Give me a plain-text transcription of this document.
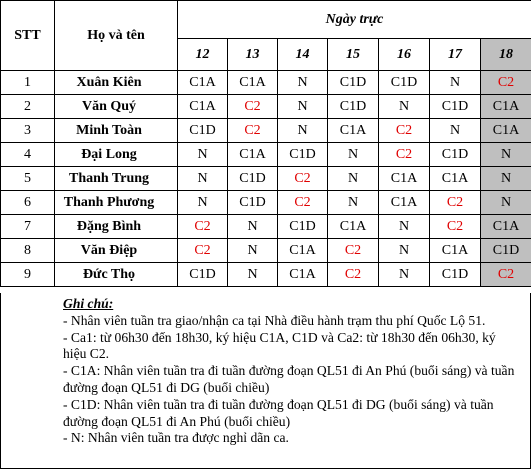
STT	Họ và tên	Ngày trực						
		12	13	14	15	16	17	18
1	Xuân Kiên	C1A	C1A	N	C1D	C1D	N	C2
2	Văn Quý	C1A	C2	N	C1D	N	C1D	C1A
3	Minh Toàn	C1D	C2	N	C1A	C2	N	C1A
4	Đại Long	N	C1A	C1D	N	C2	C1D	N
5	Thanh Trung	N	C1D	C2	N	C1A	C1A	N
6	Thanh Phương	N	C1D	C2	N	C1A	C2	N
7	Đặng Bình	C2	N	C1D	C1A	N	C2	C1A
8	Văn Điệp	C2	N	C1A	C2	N	C1A	C1D
9	Đức Thọ	C1D	N	C1A	C2	N	C1D	C2

Ghi chú:

- Nhân viên tuần tra giao/nhận ca tại Nhà điều hành trạm thu phí Quốc Lộ 51.

- Ca1: từ 06h30 đến 18h30, ký hiệu C1A, C1D và Ca2: từ 18h30 đến 06h30, ký hiệu C2.

- C1A: Nhân viên tuần tra đi tuần đường đoạn QL51 đi An Phú (buổi sáng) và tuần đường đoạn QL51 đi DG (buổi chiều)

- C1D: Nhân viên tuần tra đi tuần đường đoạn QL51 đi DG (buổi sáng) và tuần đường đoạn QL51 đi An Phú (buổi chiều)

- N: Nhân viên tuần tra được nghỉ dãn ca.
